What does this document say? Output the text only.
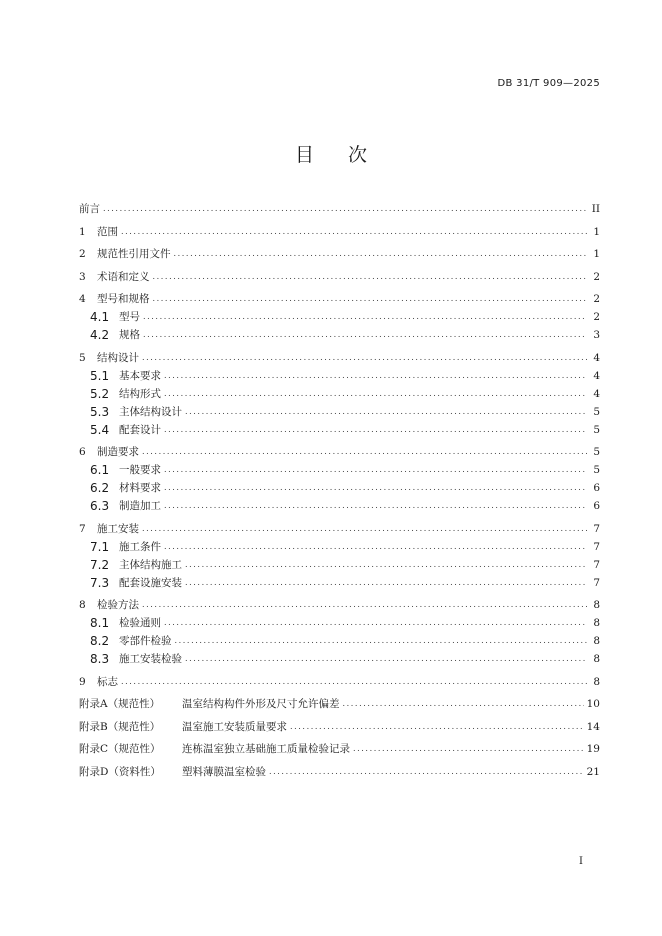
DB 31/T 909—2025
目次
前言 .....	II
1	范围 .....	1
2	规范性引用文件 .....	1
3	术语和定义 .....	2
4	型号和规格 .....	2
4.1 型号 .....	2
4.2 规格 .....	3
5	结构设计 .....	4
5.1 基本要求 .....	4
5.2 结构形式 .....	4
5.3 主体结构设计 .....	5
5.4 配套设计 .....	5
6	制造要求 .....	5
6.1 一般要求 .....	5
6.2 材料要求 .....	6
6.3 制造加工 .....	6
7	施工安装 .....	7
7.1 施工条件 .....	7
7.2 主体结构施工 .....	7
7.3 配套设施安装 .....	7
8	检验方法 .....	8
8.1 检验通则 .....	8
8.2 零部件检验 .....	8
8.3 施工安装检验 .....	8
9	标志 .....	8
附录A（规范性）	温室结构构件外形及尺寸允许偏差 .....	10
附录B（规范性）	温室施工安装质量要求 .....	14
附录C（规范性）	连栋温室独立基础施工质量检验记录 .....	19
附录D（资料性）	塑料薄膜温室检验 .....	21
I
